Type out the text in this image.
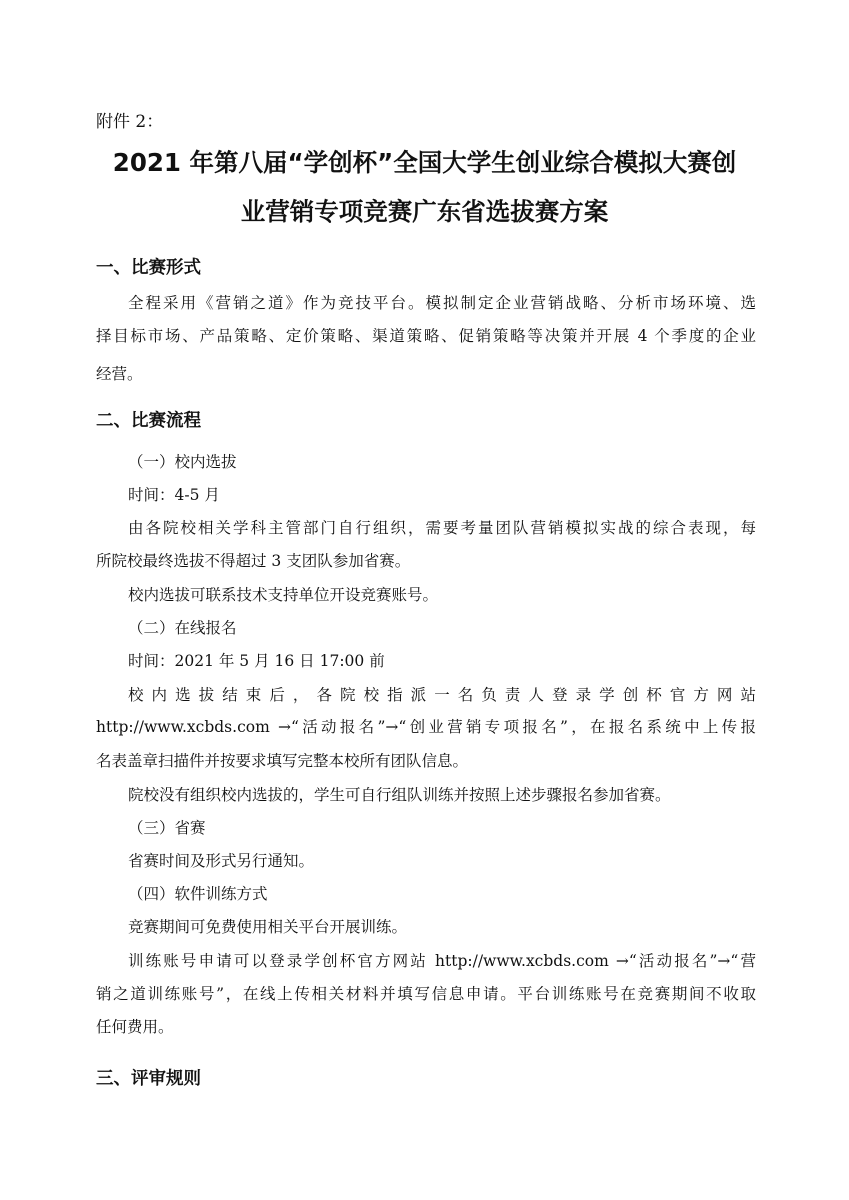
附件 2：
2021 年第八届“学创杯”全国大学生创业综合模拟大赛创
业营销专项竞赛广东省选拔赛方案
一、比赛形式
全程采用《营销之道》作为竞技平台。模拟制定企业营销战略、分析市场环境、选
择目标市场、产品策略、定价策略、渠道策略、促销策略等决策并开展 4 个季度的企业
经营。
二、比赛流程
（一）校内选拔
时间：4-5 月
由各院校相关学科主管部门自行组织，需要考量团队营销模拟实战的综合表现，每
所院校最终选拔不得超过 3 支团队参加省赛。
校内选拔可联系技术支持单位开设竞赛账号。
（二）在线报名
时间：2021 年 5 月 16 日 17:00 前
校内选拔结束后，各院校指派一名负责人登录学创杯官方网站
http://www.xcbds.com →“活动报名”→“创业营销专项报名”，在报名系统中上传报
名表盖章扫描件并按要求填写完整本校所有团队信息。
院校没有组织校内选拔的，学生可自行组队训练并按照上述步骤报名参加省赛。
（三）省赛
省赛时间及形式另行通知。
（四）软件训练方式
竞赛期间可免费使用相关平台开展训练。
训练账号申请可以登录学创杯官方网站 http://www.xcbds.com →“活动报名”→“营
销之道训练账号”，在线上传相关材料并填写信息申请。平台训练账号在竞赛期间不收取
任何费用。
三、评审规则
